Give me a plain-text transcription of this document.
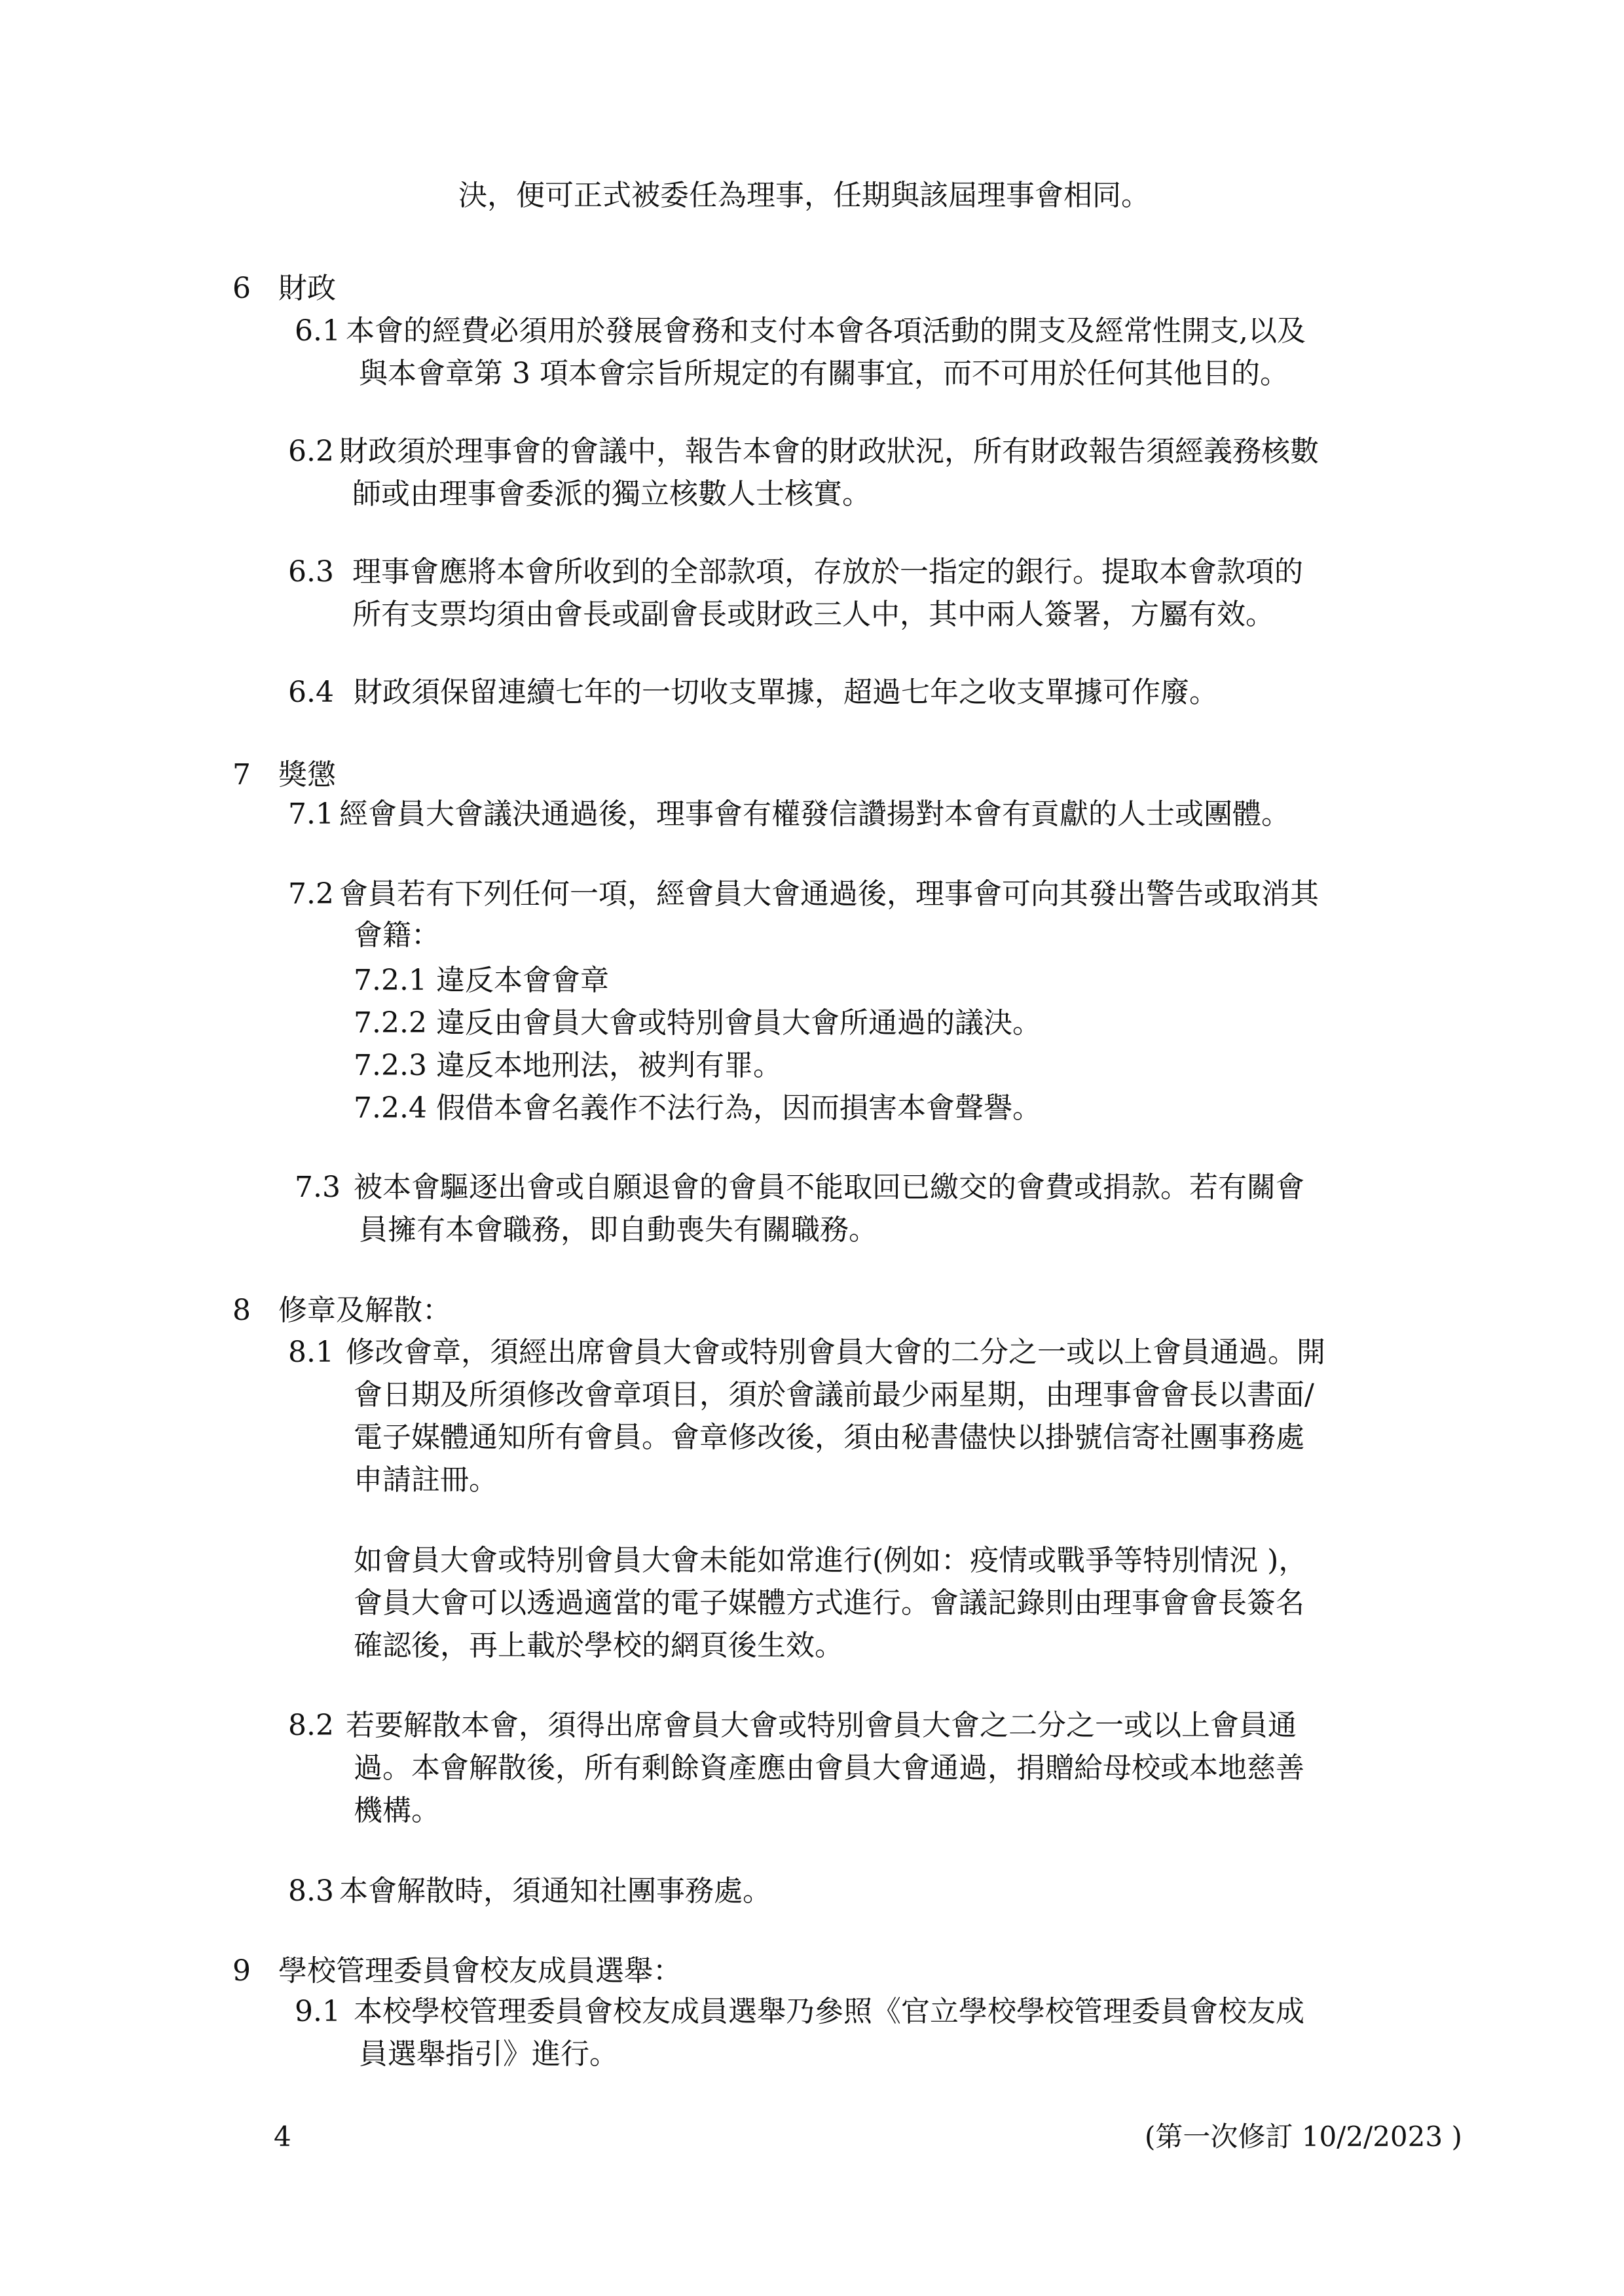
決，便可正式被委任為理事，任期與該屆理事會相同。
6 財政
6.1 本會的經費必須用於發展會務和支付本會各項活動的開支及經常性開支,以及
與本會章第 3 項本會宗旨所規定的有關事宜，而不可用於任何其他目的。
6.2 財政須於理事會的會議中，報告本會的財政狀況，所有財政報告須經義務核數
師或由理事會委派的獨立核數人士核實。
6.3 理事會應將本會所收到的全部款項，存放於一指定的銀行。提取本會款項的
所有支票均須由會長或副會長或財政三人中，其中兩人簽署，方屬有效。
6.4 財政須保留連續七年的一切收支單據，超過七年之收支單據可作廢。
7 獎懲
7.1 經會員大會議決通過後，理事會有權發信讚揚對本會有貢獻的人士或團體。
7.2 會員若有下列任何一項，經會員大會通過後，理事會可向其發出警告或取消其
會籍：
7.2.1 違反本會會章
7.2.2 違反由會員大會或特別會員大會所通過的議決。
7.2.3 違反本地刑法，被判有罪。
7.2.4 假借本會名義作不法行為，因而損害本會聲譽。
7.3 被本會驅逐出會或自願退會的會員不能取回已繳交的會費或捐款。若有關會
員擁有本會職務，即自動喪失有關職務。
8 修章及解散：
8.1 修改會章，須經出席會員大會或特別會員大會的二分之一或以上會員通過。開
會日期及所須修改會章項目，須於會議前最少兩星期，由理事會會長以書面/
電子媒體通知所有會員。會章修改後，須由秘書儘快以掛號信寄社團事務處
申請註冊。
如會員大會或特別會員大會未能如常進行(例如：疫情或戰爭等特別情況 )，
會員大會可以透過適當的電子媒體方式進行。會議記錄則由理事會會長簽名
確認後，再上載於學校的網頁後生效。
8.2 若要解散本會，須得出席會員大會或特別會員大會之二分之一或以上會員通
過。本會解散後，所有剩餘資產應由會員大會通過，捐贈給母校或本地慈善
機構。
8.3 本會解散時，須通知社團事務處。
9 學校管理委員會校友成員選舉：
9.1 本校學校管理委員會校友成員選舉乃參照《官立學校學校管理委員會校友成
員選舉指引》進行。
4	(第一次修訂 10/2/2023 )
